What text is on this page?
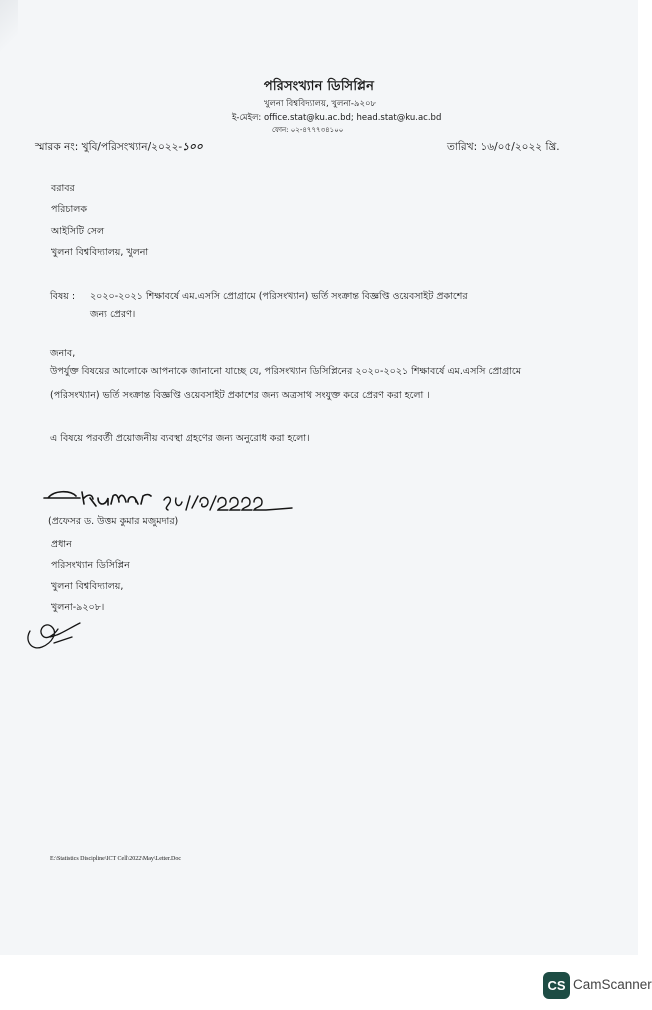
পরিসংখ্যান ডিসিপ্লিন
খুলনা বিশ্ববিদ্যালয়, খুলনা-৯২০৮
ই-মেইল: office.stat@ku.ac.bd; head.stat@ku.ac.bd
ফোন: ০২-৪৭৭৭৩৪১০০
স্মারক নং: খুবি/পরিসংখ্যান/২০২২-১০০	তারিখ: ১৬/০৫/২০২২ খ্রি.
বরাবর
পরিচালক
আইসিটি সেল
খুলনা বিশ্ববিদ্যালয়, খুলনা
বিষয় : ২০২০-২০২১ শিক্ষাবর্ষে এম.এসসি প্রোগ্রামে (পরিসংখ্যান) ভর্তি সংক্রান্ত বিজ্ঞপ্তি ওয়েবসাইট প্রকাশের
জন্য প্রেরণ।
জনাব,
উপর্যুক্ত বিষয়ের আলোকে আপনাকে জানানো যাচ্ছে যে, পরিসংখ্যান ডিসিপ্লিনের ২০২০-২০২১ শিক্ষাবর্ষে এম.এসসি প্রোগ্রামে
(পরিসংখ্যান) ভর্তি সংক্রান্ত বিজ্ঞপ্তি ওয়েবসাইট প্রকাশের জন্য অত্রসাথ সংযুক্ত করে প্রেরণ করা হলো ।
এ বিষয়ে পরবর্তী প্রয়োজনীয় ব্যবস্থা গ্রহণের জন্য অনুরোধ করা হলো।
(প্রফেসর ড. উত্তম কুমার মজুমদার)
প্রধান
পরিসংখ্যান ডিসিপ্লিন
খুলনা বিশ্ববিদ্যালয়,
খুলনা-৯২০৮।
E:\Statistics Discipline\ICT Cell\2022\May\Letter.Doc
CS CamScanner
